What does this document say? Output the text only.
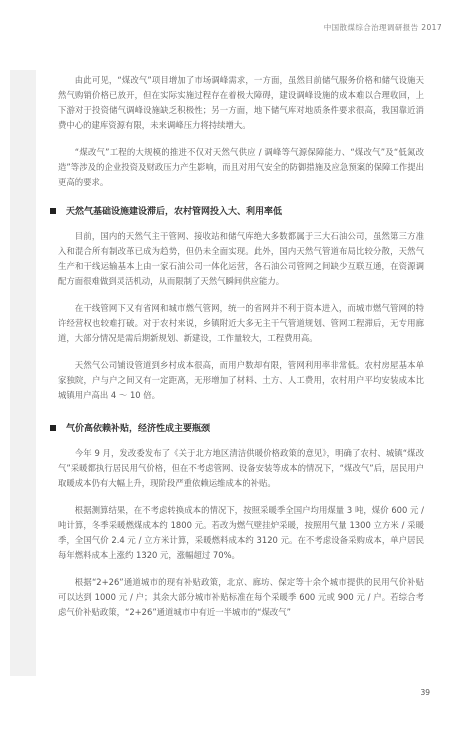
中国散煤综合治理调研报告 2017

由此可见，“煤改气”项目增加了市场调峰需求，一方面，虽然目前储气服务价格和储气设施天然气购销价格已放开，但在实际实施过程存在着极大障碍，建设调峰设施的成本难以合理收回，上下游对于投资储气调峰设施缺乏积极性；另一方面，地下储气库对地质条件要求很高，我国靠近消费中心的建库资源有限，未来调峰压力将持续增大。

“煤改气”工程的大规模的推进不仅对天然气供应 / 调峰等气源保障能力、“煤改气”及“低氮改造”等涉及的企业投资及财政压力产生影响，而且对用气安全的防御措施及应急预案的保障工作提出更高的要求。

天然气基础设施建设滞后，农村管网投入大、利用率低

目前，国内的天然气主干管网、接收站和储气库绝大多数都属于三大石油公司，虽然第三方准入和混合所有制改革已成为趋势，但仍未全面实现。此外，国内天然气管道布局比较分散，天然气生产和干线运输基本上由一家石油公司一体化运营，各石油公司管网之间缺少互联互通，在资源调配方面很难做到灵活机动，从而限制了天然气瞬间供应能力。

在干线管网下又有省网和城市燃气管网，统一的省网并不利于资本进入，而城市燃气管网的特许经营权也较难打破。对于农村来说，乡镇附近大多无主干气管道规划、管网工程滞后，无专用廊道，大部分情况是需后期新规划、新建设，工作量较大，工程费用高。

天然气公司铺设管道到乡村成本很高，而用户数却有限，管网利用率非常低。农村房屋基本单家独院，户与户之间又有一定距离，无形增加了材料、土方、人工费用，农村用户平均安装成本比城镇用户高出 4 ～ 10 倍。

气价高依赖补贴，经济性成主要瓶颈

今年 9 月，发改委发布了《关于北方地区清洁供暖价格政策的意见》，明确了农村、城镇“煤改气”采暖都执行居民用气价格，但在不考虑管网、设备安装等成本的情况下，“煤改气”后，居民用户取暖成本仍有大幅上升，现阶段严重依赖运维成本的补贴。

根据测算结果，在不考虑转换成本的情况下，按照采暖季全国户均用煤量 3 吨，煤价 600 元 / 吨计算，冬季采暖燃煤成本约 1800 元。若改为燃气壁挂炉采暖，按照用气量 1300 立方米 / 采暖季，全国气价 2.4 元 / 立方米计算，采暖燃料成本约 3120 元。在不考虑设备采购成本，单户居民每年燃料成本上涨约 1320 元，涨幅超过 70%。

根据“2+26”通道城市的现有补贴政策，北京、廊坊、保定等十余个城市提供的民用气价补贴可以达到 1000 元 / 户；其余大部分城市补贴标准在每个采暖季 600 元或 900 元 / 户。若综合考虑气价补贴政策，“2+26”通道城市中有近一半城市的“煤改气”

39
